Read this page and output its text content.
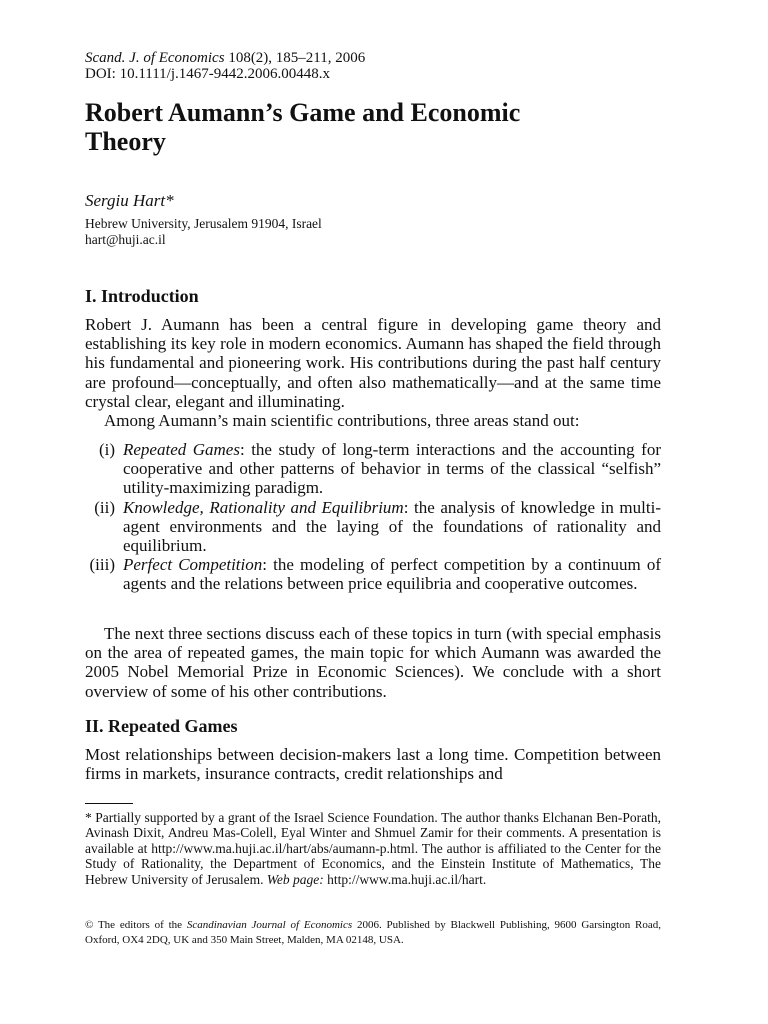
Scand. J. of Economics 108(2), 185–211, 2006
DOI: 10.1111/j.1467-9442.2006.00448.x
Robert Aumann’s Game and Economic
Theory
Sergiu Hart*
Hebrew University, Jerusalem 91904, Israel
hart@huji.ac.il
I. Introduction

Robert J. Aumann has been a central figure in developing game theory and establishing its key role in modern economics. Aumann has shaped the field through his fundamental and pioneering work. His contributions during the past half century are profound—conceptually, and often also mathematically—and at the same time crystal clear, elegant and illuminating.

Among Aumann’s main scientific contributions, three areas stand out:

(i) Repeated Games: the study of long-term interactions and the accounting for cooperative and other patterns of behavior in terms of the classical “selfish” utility-maximizing paradigm.
(ii) Knowledge, Rationality and Equilibrium: the analysis of knowledge in multi-agent environments and the laying of the foundations of rationality and equilibrium.
(iii) Perfect Competition: the modeling of perfect competition by a continuum of agents and the relations between price equilibria and cooperative outcomes.

The next three sections discuss each of these topics in turn (with special emphasis on the area of repeated games, the main topic for which Aumann was awarded the 2005 Nobel Memorial Prize in Economic Sciences). We conclude with a short overview of some of his other contributions.

II. Repeated Games

Most relationships between decision-makers last a long time. Competition between firms in markets, insurance contracts, credit relationships and

* Partially supported by a grant of the Israel Science Foundation. The author thanks Elchanan Ben-Porath, Avinash Dixit, Andreu Mas-Colell, Eyal Winter and Shmuel Zamir for their comments. A presentation is available at http://www.ma.huji.ac.il/hart/abs/aumann-p.html. The author is affiliated to the Center for the Study of Rationality, the Department of Economics, and the Einstein Institute of Mathematics, The Hebrew University of Jerusalem. Web page: http://www.ma.huji.ac.il/hart.

© The editors of the Scandinavian Journal of Economics 2006. Published by Blackwell Publishing, 9600 Garsington Road, Oxford, OX4 2DQ, UK and 350 Main Street, Malden, MA 02148, USA.
